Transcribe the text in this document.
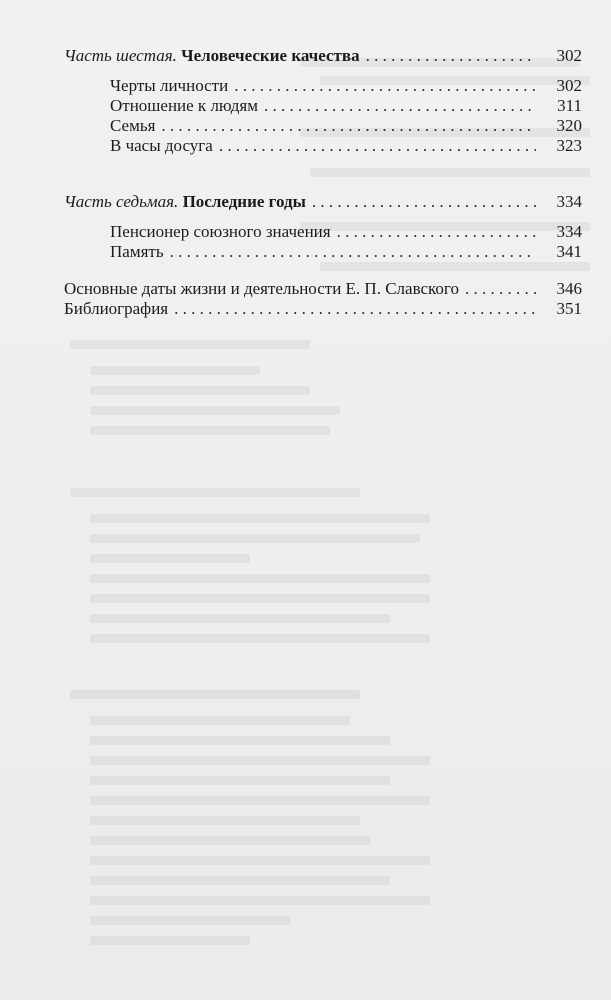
Часть шестая. Человеческие качества . . .	302
Черты личности . . .	302
Отношение к людям . . .	311
Семья . . .	320
В часы досуга . . .	323
Часть седьмая. Последние годы . . .	334
Пенсионер союзного значения . . .	334
Память . . .	341
Основные даты жизни и деятельности Е. П. Славского . . .	346
Библиография . . .	351
